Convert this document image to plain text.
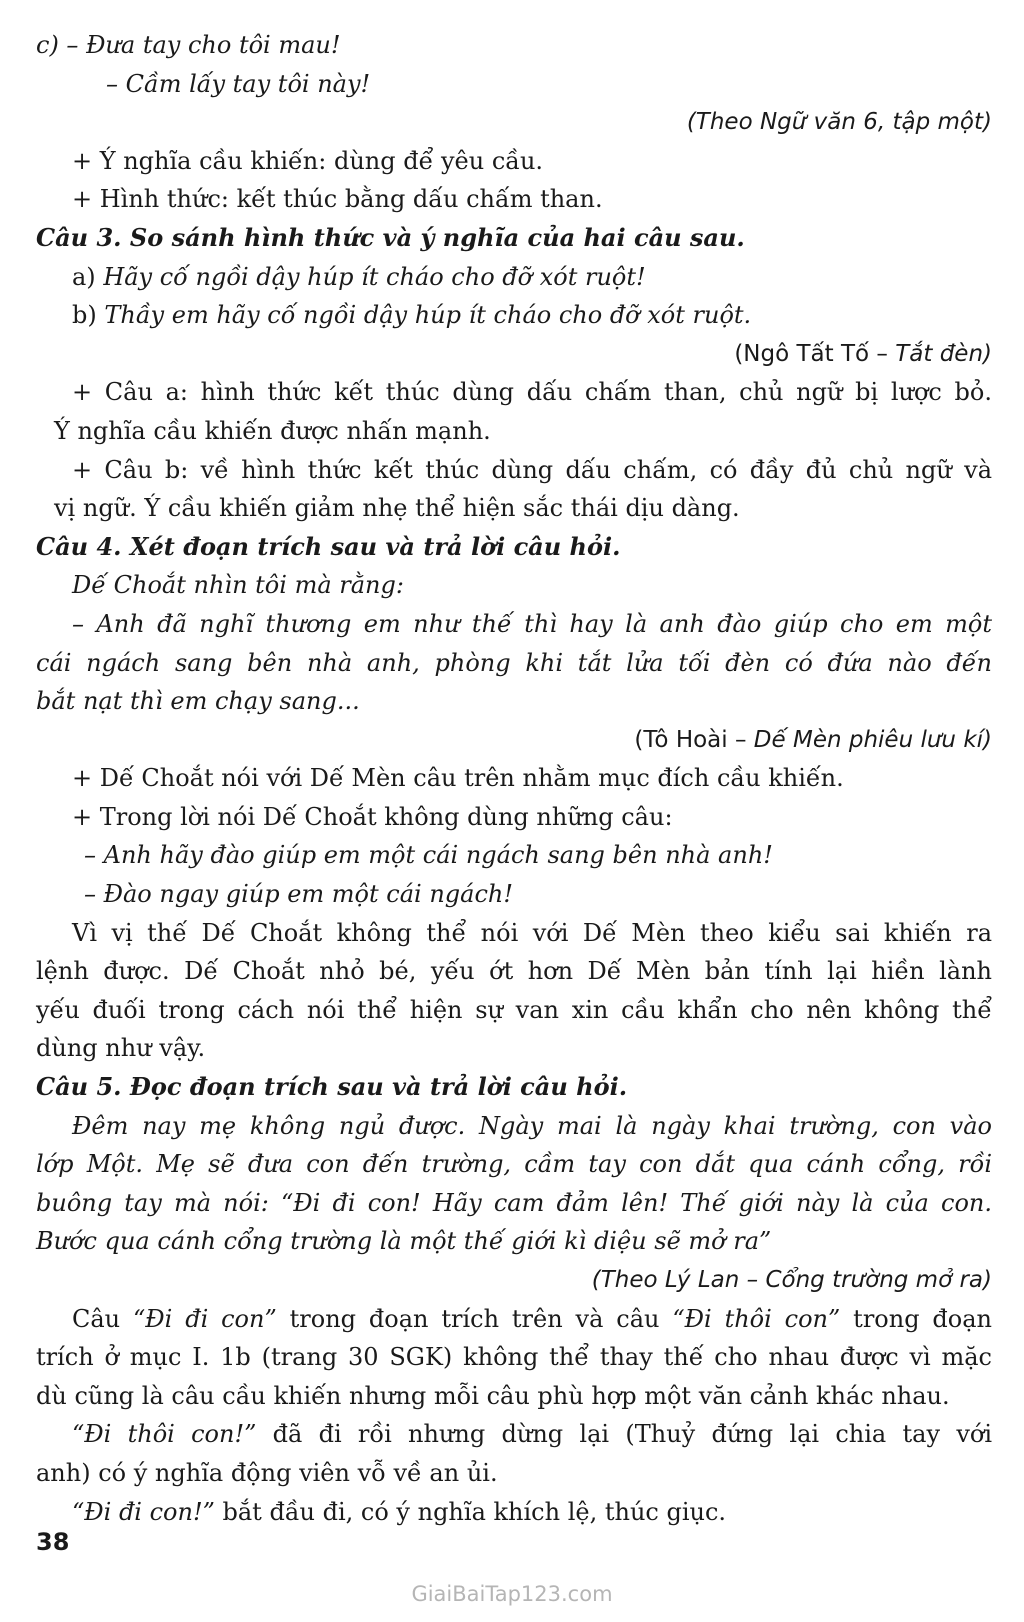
c) – Đưa tay cho tôi mau!
– Cầm lấy tay tôi này!
(Theo Ngữ văn 6, tập một)
+ Ý nghĩa cầu khiến: dùng để yêu cầu.
+ Hình thức: kết thúc bằng dấu chấm than.
Câu 3. So sánh hình thức và ý nghĩa của hai câu sau.
a) Hãy cố ngồi dậy húp ít cháo cho đỡ xót ruột!
b) Thầy em hãy cố ngồi dậy húp ít cháo cho đỡ xót ruột.
(Ngô Tất Tố – Tắt đèn)
+ Câu a: hình thức kết thúc dùng dấu chấm than, chủ ngữ bị lược bỏ.
Ý nghĩa cầu khiến được nhấn mạnh.
+ Câu b: về hình thức kết thúc dùng dấu chấm, có đầy đủ chủ ngữ và
vị ngữ. Ý cầu khiến giảm nhẹ thể hiện sắc thái dịu dàng.
Câu 4. Xét đoạn trích sau và trả lời câu hỏi.
Dế Choắt nhìn tôi mà rằng:
– Anh đã nghĩ thương em như thế thì hay là anh đào giúp cho em một
cái ngách sang bên nhà anh, phòng khi tắt lửa tối đèn có đứa nào đến
bắt nạt thì em chạy sang...
(Tô Hoài – Dế Mèn phiêu lưu kí)
+ Dế Choắt nói với Dế Mèn câu trên nhằm mục đích cầu khiến.
+ Trong lời nói Dế Choắt không dùng những câu:
– Anh hãy đào giúp em một cái ngách sang bên nhà anh!
– Đào ngay giúp em một cái ngách!
Vì vị thế Dế Choắt không thể nói với Dế Mèn theo kiểu sai khiến ra
lệnh được. Dế Choắt nhỏ bé, yếu ớt hơn Dế Mèn bản tính lại hiền lành
yếu đuối trong cách nói thể hiện sự van xin cầu khẩn cho nên không thể
dùng như vậy.
Câu 5. Đọc đoạn trích sau và trả lời câu hỏi.
Đêm nay mẹ không ngủ được. Ngày mai là ngày khai trường, con vào
lớp Một. Mẹ sẽ đưa con đến trường, cầm tay con dắt qua cánh cổng, rồi
buông tay mà nói: “Đi đi con! Hãy cam đảm lên! Thế giới này là của con.
Bước qua cánh cổng trường là một thế giới kì diệu sẽ mở ra”
(Theo Lý Lan – Cổng trường mở ra)
Câu “Đi đi con” trong đoạn trích trên và câu “Đi thôi con” trong đoạn
trích ở mục I. 1b (trang 30 SGK) không thể thay thế cho nhau được vì mặc
dù cũng là câu cầu khiến nhưng mỗi câu phù hợp một văn cảnh khác nhau.
“Đi thôi con!” đã đi rồi nhưng dừng lại (Thuỷ đứng lại chia tay với
anh) có ý nghĩa động viên vỗ về an ủi.
“Đi đi con!” bắt đầu đi, có ý nghĩa khích lệ, thúc giục.
38
GiaiBaiTap123.com
